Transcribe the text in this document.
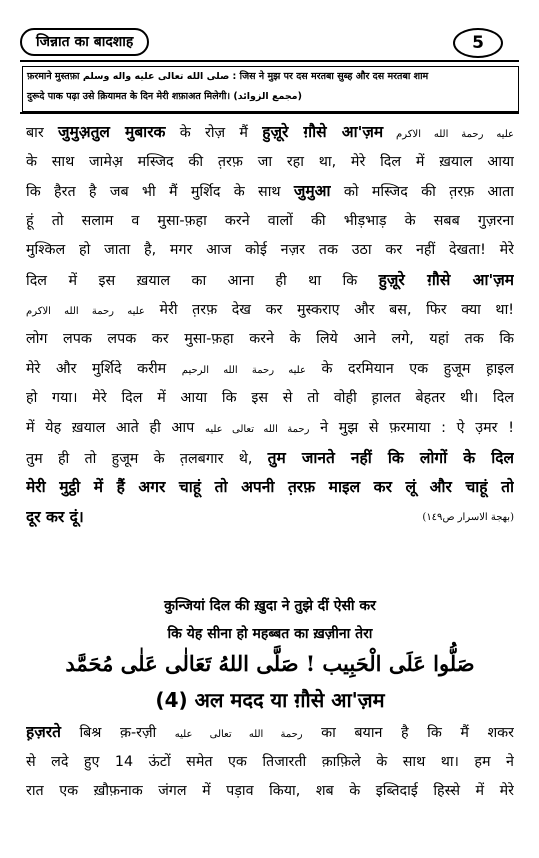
जिन्नात का बादशाह	5
फ़रमाने मुस्तफ़ा صلى الله تعالى عليه واله وسلم : जिस ने मुझ पर दस मरतबा सुब्ह और दस मरतबा शाम
दुरूदे पाक पढ़ा उसे क़ियामत के दिन मेरी शफ़ाअत मिलेगी। (مجمع الزوائد)
बार जुमुअ़तुल मुबारक के रोज़ मैं हुज़ूरे ग़ौसे आ'ज़म عليه رحمة الله الاكرم
के साथ जामेअ़ मस्जिद की त़रफ़ जा रहा था, मेरे दिल में ख़याल आया
कि हैरत है जब भी मैं मुर्शिद के साथ जुमुआ को मस्जिद की त़रफ़ आता
हूं तो सलाम व मुसा-फ़हा करने वालों की भीड़भाड़ के सबब गुज़रना
मुश्किल हो जाता है, मगर आज कोई नज़र तक उठा कर नहीं देखता! मेरे
दिल में इस ख़याल का आना ही था कि हुज़ूरे ग़ौसे आ'ज़म
عليه رحمة الله الاكرم मेरी त़रफ़ देख कर मुस्कराए और बस, फिर क्या था!
लोग लपक लपक कर मुसा-फ़हा करने के लिये आने लगे, यहां तक कि
मेरे और मुर्शिदे करीम عليه رحمة الله الرحيم के दरमियान एक हुजूम ह़ाइल
हो गया। मेरे दिल में आया कि इस से तो वोही ह़ालत बेहतर थी। दिल
में येह ख़याल आते ही आप رحمة الله تعالى عليه ने मुझ से फ़रमाया : ऐ उ़मर !
तुम ही तो हुजूम के त़लबगार थे, तुम जानते नहीं कि लोगों के दिल
मेरी मुट्ठी में हैं अगर चाहूं तो अपनी त़रफ़ माइल कर लूं और चाहूं तो
दूर कर दूं।	(بهجة الاسرار ص١٤٩)
कुन्जियां दिल की ख़ुदा ने तुझे दीं ऐसी कर
कि येह सीना हो महब्बत का ख़ज़ीना तेरा
صَلُّوا عَلَى الْحَبِيب ! صَلَّى اللهُ تَعَالٰى عَلٰى مُحَمَّد
(4) अल मदद या ग़ौसे आ'ज़म
ह़ज़रते बिश्र क़-रज़ी رحمة الله تعالى عليه का बयान है कि मैं शकर
से लदे हुए 14 ऊंटों समेत एक तिजारती क़ाफ़िले के साथ था। हम ने
रात एक ख़ौफ़नाक जंगल में पड़ाव किया, शब के इब्तिदाई हिस्से में मेरे
